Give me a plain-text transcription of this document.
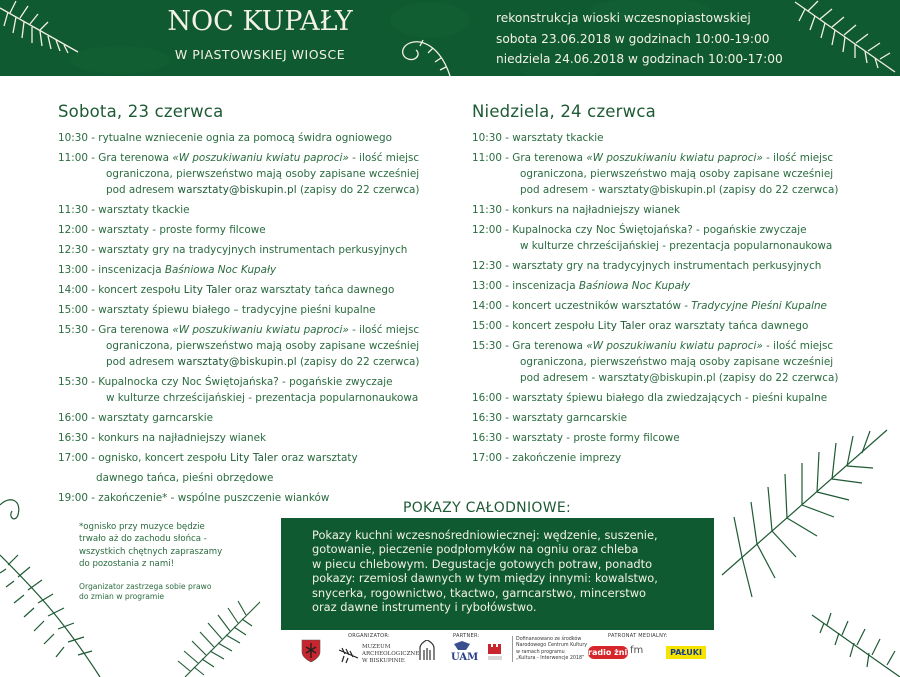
NOC KUPAŁY
W PIASTOWSKIEJ WIOSCE
rekonstrukcja wioski wczesnopiastowskiej
sobota 23.06.2018 w godzinach 10:00-19:00
niedziela 24.06.2018 w godzinach 10:00-17:00
Sobota, 23 czerwca
10:30 - rytualne wzniecenie ognia za pomocą świdra ogniowego
11:00 - Gra terenowa «W poszukiwaniu kwiatu paproci» - ilość miejsc
ograniczona, pierwszeństwo mają osoby zapisane wcześniej
pod adresem warsztaty@biskupin.pl (zapisy do 22 czerwca)
11:30 - warsztaty tkackie
12:00 - warsztaty - proste formy filcowe
12:30 - warsztaty gry na tradycyjnych instrumentach perkusyjnych
13:00 - inscenizacja Baśniowa Noc Kupały
14:00 - koncert zespołu Lity Taler oraz warsztaty tańca dawnego
15:00 - warsztaty śpiewu białego – tradycyjne pieśni kupalne
15:30 - Gra terenowa «W poszukiwaniu kwiatu paproci» - ilość miejsc
ograniczona, pierwszeństwo mają osoby zapisane wcześniej
pod adresem warsztaty@biskupin.pl (zapisy do 22 czerwca)
15:30 - Kupalnocka czy Noc Świętojańska? - pogańskie zwyczaje
w kulturze chrześcijańskiej - prezentacja popularnonaukowa
16:00 - warsztaty garncarskie
16:30 - konkurs na najładniejszy wianek
17:00 - ognisko, koncert zespołu Lity Taler oraz warsztaty
dawnego tańca, pieśni obrzędowe
19:00 - zakończenie* - wspólne puszczenie wianków
Niedziela, 24 czerwca
10:30 - warsztaty tkackie
11:00 - Gra terenowa «W poszukiwaniu kwiatu paproci» - ilość miejsc
ograniczona, pierwszeństwo mają osoby zapisane wcześniej
pod adresem - warsztaty@biskupin.pl (zapisy do 22 czerwca)
11:30 - konkurs na najładniejszy wianek
12:00 - Kupalnocka czy Noc Świętojańska? - pogańskie zwyczaje
w kulturze chrześcijańskiej - prezentacja popularnonaukowa
12:30 - warsztaty gry na tradycyjnych instrumentach perkusyjnych
13:00 - inscenizacja Baśniowa Noc Kupały
14:00 - koncert uczestników warsztatów - Tradycyjne Pieśni Kupalne
15:00 - koncert zespołu Lity Taler oraz warsztaty tańca dawnego
15:30 - Gra terenowa «W poszukiwaniu kwiatu paproci» - ilość miejsc
ograniczona, pierwszeństwo mają osoby zapisane wcześniej
pod adresem - warsztaty@biskupin.pl (zapisy do 22 czerwca)
16:00 - warsztaty śpiewu białego dla zwiedzających - pieśni kupalne
16:30 - warsztaty garncarskie
16:30 - warsztaty - proste formy filcowe
17:00 - zakończenie imprezy
*ognisko przy muzyce będzie
trwało aż do zachodu słońca -
wszystkich chętnych zapraszamy
do pozostania z nami!
Organizator zastrzega sobie prawo
do zmian w programie
POKAZY CAŁODNIOWE:
Pokazy kuchni wczesnośredniowiecznej: wędzenie, suszenie,
gotowanie, pieczenie podpłomyków na ogniu oraz chleba
w piecu chlebowym. Degustacje gotowych potraw, ponadto
pokazy: rzemiosł dawnych w tym między innymi: kowalstwo,
snycerka, rogownictwo, tkactwo, garncarstwo, mincerstwo
oraz dawne instrumenty i rybołówstwo.
ORGANIZATOR:
MUZEUM
ARCHEOLOGICZNE
W BISKUPINIE
PARTNER:
UAM
Dofinansowano ze środków
Narodowego Centrum Kultury
w ramach programu
„Kultura - Interwencje 2018”
PATRONAT MEDIALNY:
radio żnin
fm	PAŁUKI
